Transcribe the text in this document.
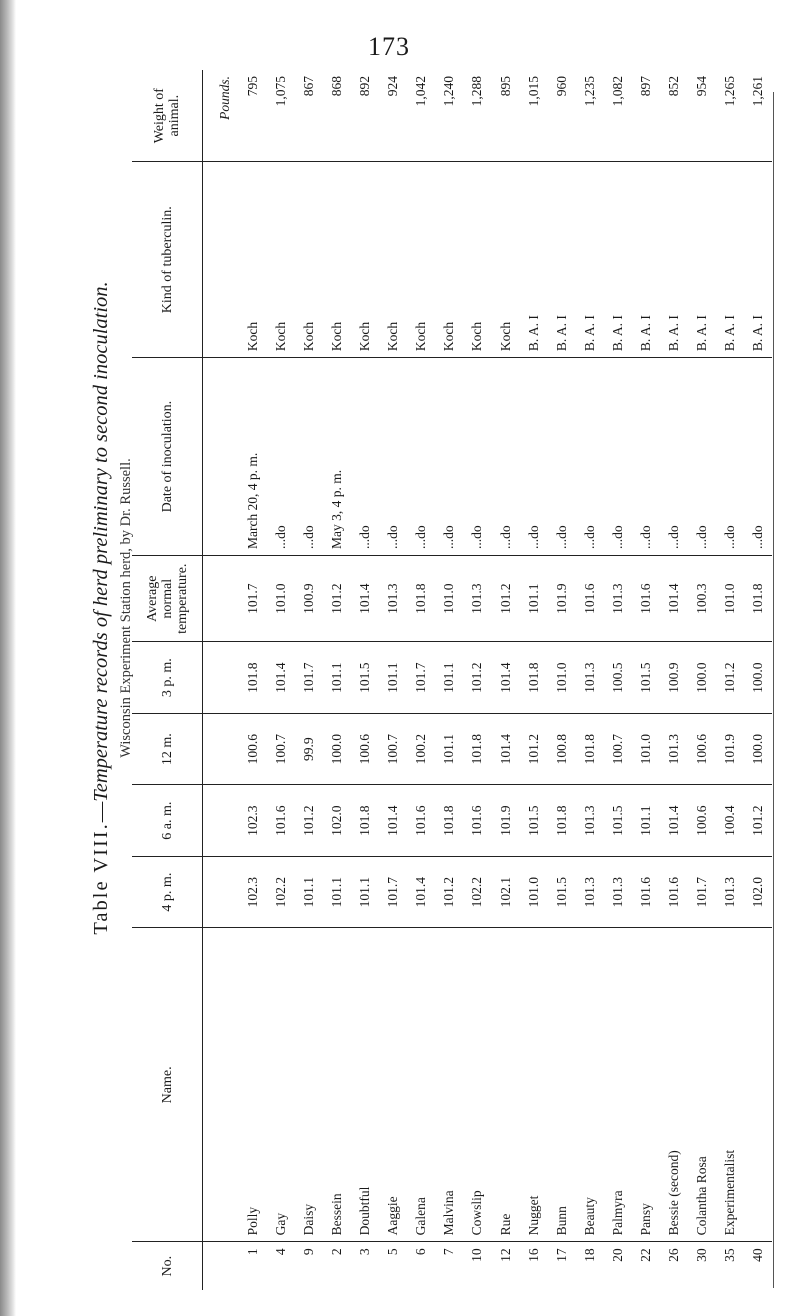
173
Table VIII.—Temperature records of herd preliminary to second inoculation. Wisconsin Experiment Station herd, by Dr. Russell.
No.	Name.	4 p. m.	6 a. m.	12 m.	3 p. m.	Average normal temperature.	Date of inoculation.	Kind of tuberculin.	Weight of animal.
									Pounds.
1	Polly	102.3	102.3	100.6	101.8	101.7	March 20, 4 p. m.	Koch	795
4	Gay	102.2	101.6	100.7	101.4	101.0	...do	Koch	1,075
9	Daisy	101.1	101.2	99.9	101.7	100.9	...do	Koch	867
2	Bessein	101.1	102.0	100.0	101.1	101.2	May 3, 4 p. m.	Koch	868
3	Doubtful	101.1	101.8	100.6	101.5	101.4	...do	Koch	892
5	Aaggie	101.7	101.4	100.7	101.1	101.3	...do	Koch	924
6	Galena	101.4	101.6	100.2	101.7	101.8	...do	Koch	1,042
7	Malvina	101.2	101.8	101.1	101.1	101.0	...do	Koch	1,240
10	Cowslip	102.2	101.6	101.8	101.2	101.3	...do	Koch	1,288
12	Rue	102.1	101.9	101.4	101.4	101.2	...do	Koch	895
16	Nugget	101.0	101.5	101.2	101.8	101.1	...do	B. A. I	1,015
17	Bunn	101.5	101.8	100.8	101.0	101.9	...do	B. A. I	960
18	Beauty	101.3	101.3	101.8	101.3	101.6	...do	B. A. I	1,235
20	Palmyra	101.3	101.5	100.7	100.5	101.3	...do	B. A. I	1,082
22	Pansy	101.6	101.1	101.0	101.5	101.6	...do	B. A. I	897
26	Bessie (second)	101.6	101.4	101.3	100.9	101.4	...do	B. A. I	852
30	Colantha Rosa	101.7	100.6	100.6	100.0	100.3	...do	B. A. I	954
35	Experimentalist	101.3	100.4	101.9	101.2	101.0	...do	B. A. I	1,265
40		102.0	101.2	100.0	100.0	101.8	...do	B. A. I	1,261
